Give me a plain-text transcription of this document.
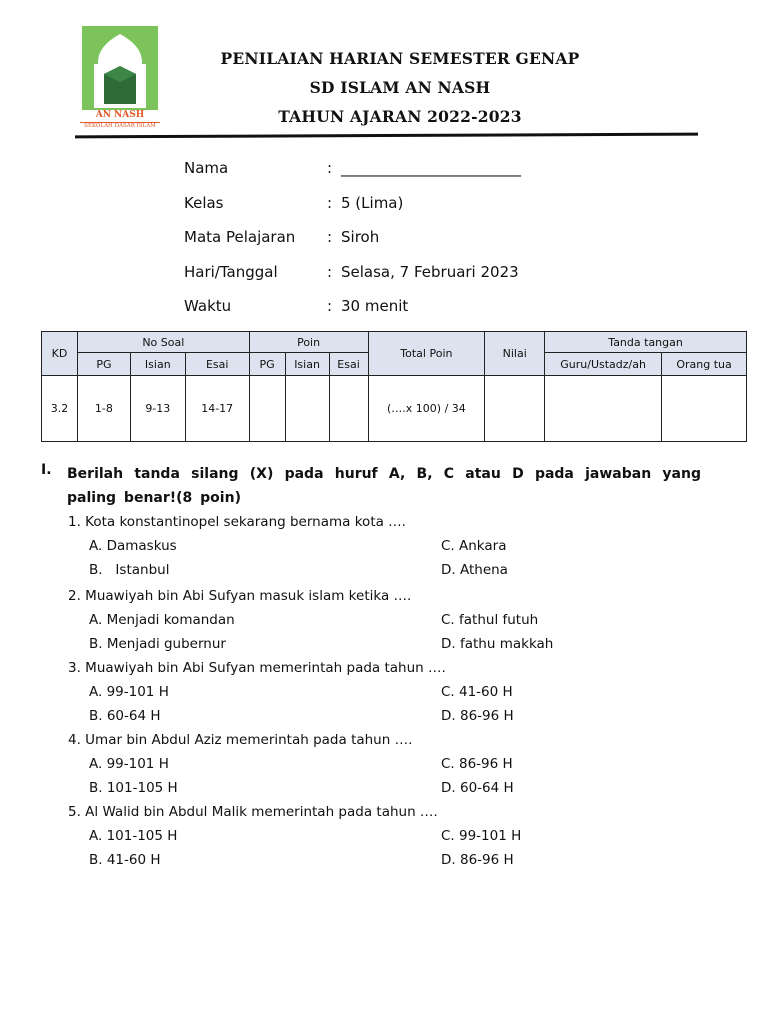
AN NASH
SEKOLAH DASAR ISLAM
PENILAIAN HARIAN SEMESTER GENAP
SD ISLAM AN NASH
TAHUN AJARAN 2022-2023
Nama	: ________________________
Kelas	: 5 (Lima)
Mata Pelajaran	: Siroh
Hari/Tanggal	: Selasa, 7 Februari 2023
Waktu	: 30 menit
KD	No Soal			Poin			Total Poin	Nilai	Tanda tangan	
	PG	Isian	Esai	PG	Isian	Esai			Guru/Ustadz/ah	Orang tua
3.2	1-8	9-13	14-17				(….x 100) / 34			
I. Berilah tanda silang (X) pada huruf A, B, C atau D pada jawaban yang paling benar!(8 poin)
1. Kota konstantinopel sekarang bernama kota ….
A. Damaskus	C. Ankara
B.   Istanbul	D. Athena
2. Muawiyah bin Abi Sufyan masuk islam ketika ….
A. Menjadi komandan	C. fathul futuh
B. Menjadi gubernur	D. fathu makkah
3. Muawiyah bin Abi Sufyan memerintah pada tahun ….
A. 99-101 H	C. 41-60 H
B. 60-64 H	D. 86-96 H
4. Umar bin Abdul Aziz memerintah pada tahun ….
A. 99-101 H	C. 86-96 H
B. 101-105 H	D. 60-64 H
5. Al Walid bin Abdul Malik memerintah pada tahun ….
A. 101-105 H	C. 99-101 H
B. 41-60 H	D. 86-96 H
